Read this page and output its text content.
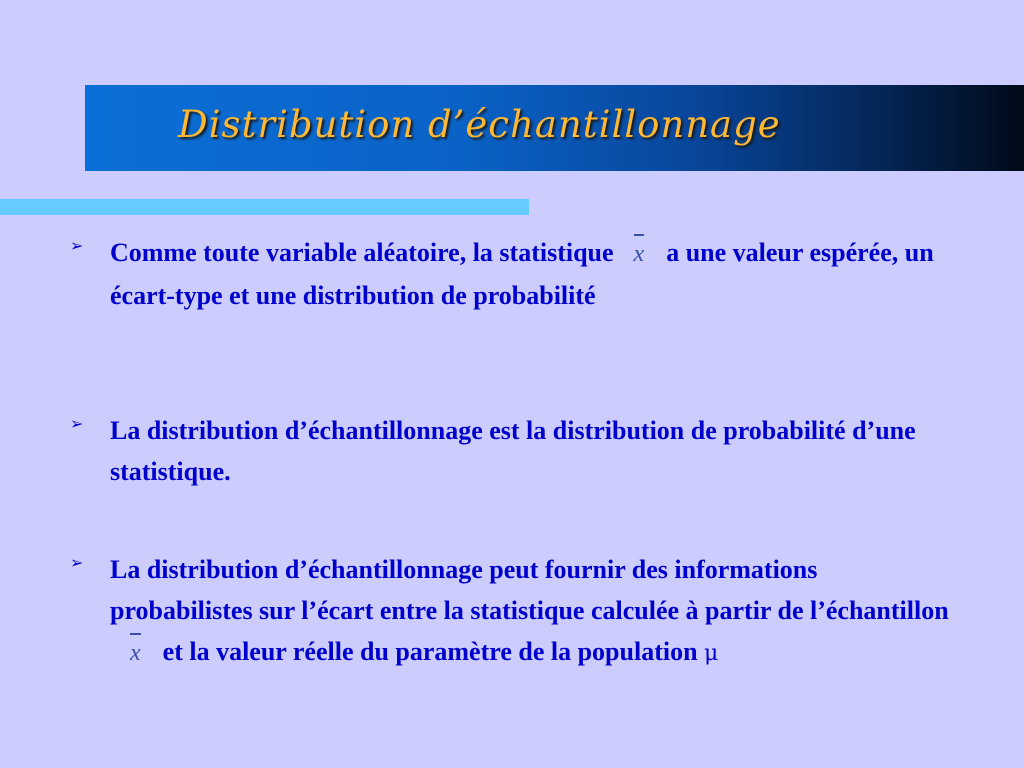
Distribution d’échantillonnage
➢ Comme toute variable aléatoire, la statistique x a une valeur espérée, un écart-type et une distribution de probabilité
➢ La distribution d’échantillonnage est la distribution de probabilité d’une statistique.
➢ La distribution d’échantillonnage peut fournir des informations probabilistes sur l’écart entre la statistique calculée à partir de l’échantillonx et la valeur réelle du paramètre de la population μ
